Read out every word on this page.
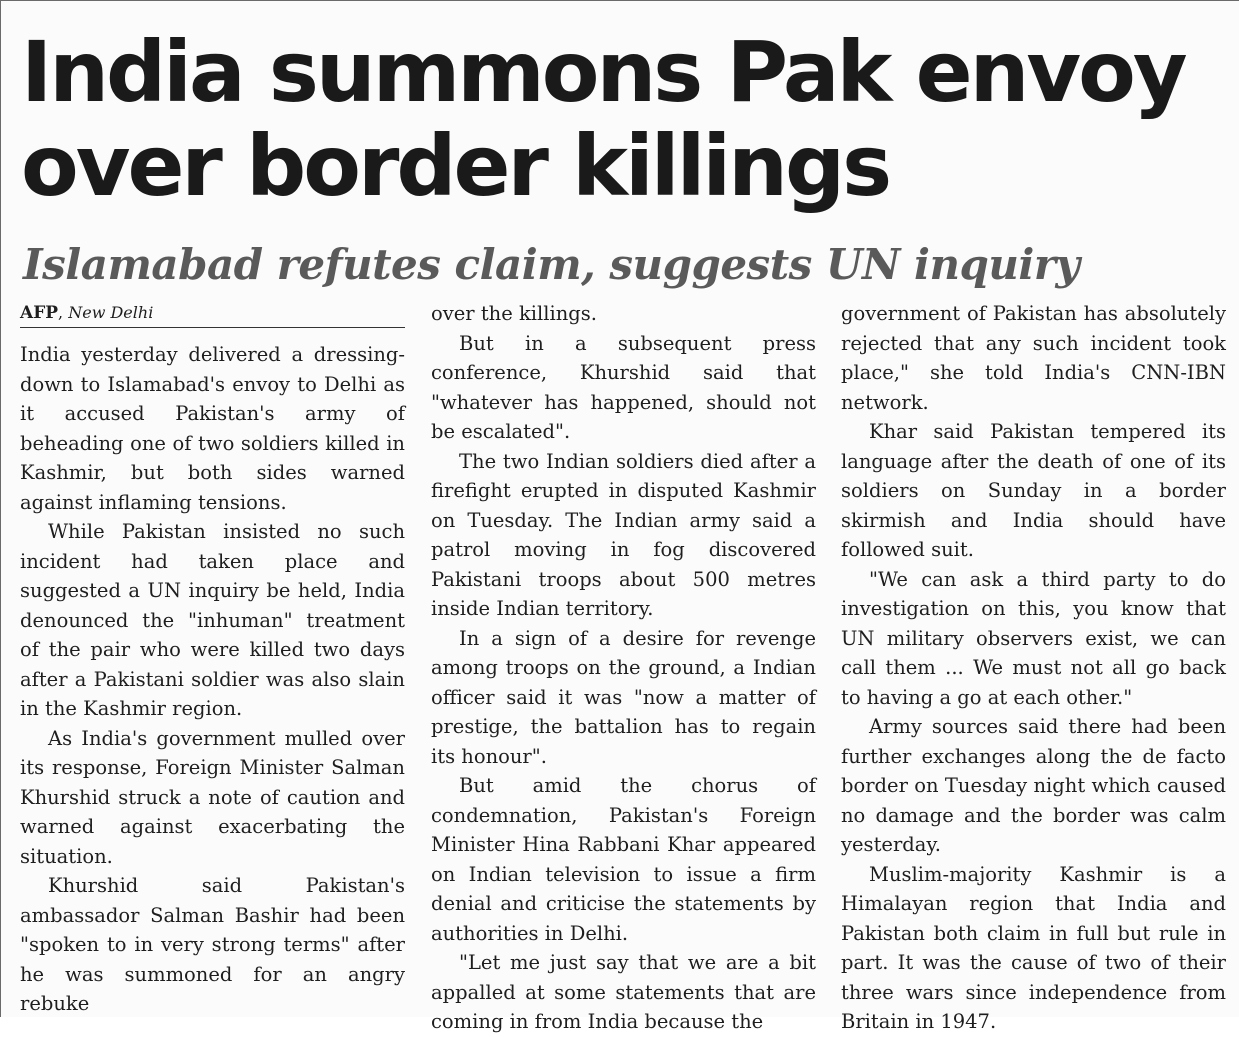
India summons Pak envoy
over border killings
Islamabad refutes claim, suggests UN inquiry
AFP, New Delhi

India yesterday delivered a dressing-down to Islamabad's envoy to Delhi as it accused Pakistan's army of beheading one of two soldiers killed in Kashmir, but both sides warned against inflaming tensions.

While Pakistan insisted no such incident had taken place and suggested a UN inquiry be held, India denounced the "inhuman" treatment of the pair who were killed two days after a Pakistani soldier was also slain in the Kashmir region.

As India's government mulled over its response, Foreign Minister Salman Khurshid struck a note of caution and warned against exacerbating the situation.

Khurshid said Pakistan's ambassador Salman Bashir had been "spoken to in very strong terms" after he was summoned for an angry rebuke

over the killings.

But in a subsequent press conference, Khurshid said that "whatever has happened, should not be escalated".

The two Indian soldiers died after a firefight erupted in disputed Kashmir on Tuesday. The Indian army said a patrol moving in fog discovered Pakistani troops about 500 metres inside Indian territory.

In a sign of a desire for revenge among troops on the ground, a Indian officer said it was "now a matter of prestige, the battalion has to regain its honour".

But amid the chorus of condemnation, Pakistan's Foreign Minister Hina Rabbani Khar appeared on Indian television to issue a firm denial and criticise the statements by authorities in Delhi.

"Let me just say that we are a bit appalled at some statements that are coming in from India because the

government of Pakistan has absolutely rejected that any such incident took place," she told India's CNN-IBN network.

Khar said Pakistan tempered its language after the death of one of its soldiers on Sunday in a border skirmish and India should have followed suit.

"We can ask a third party to do investigation on this, you know that UN military observers exist, we can call them ... We must not all go back to having a go at each other."

Army sources said there had been further exchanges along the de facto border on Tuesday night which caused no damage and the border was calm yesterday.

Muslim-majority Kashmir is a Himalayan region that India and Pakistan both claim in full but rule in part. It was the cause of two of their three wars since independence from Britain in 1947.
